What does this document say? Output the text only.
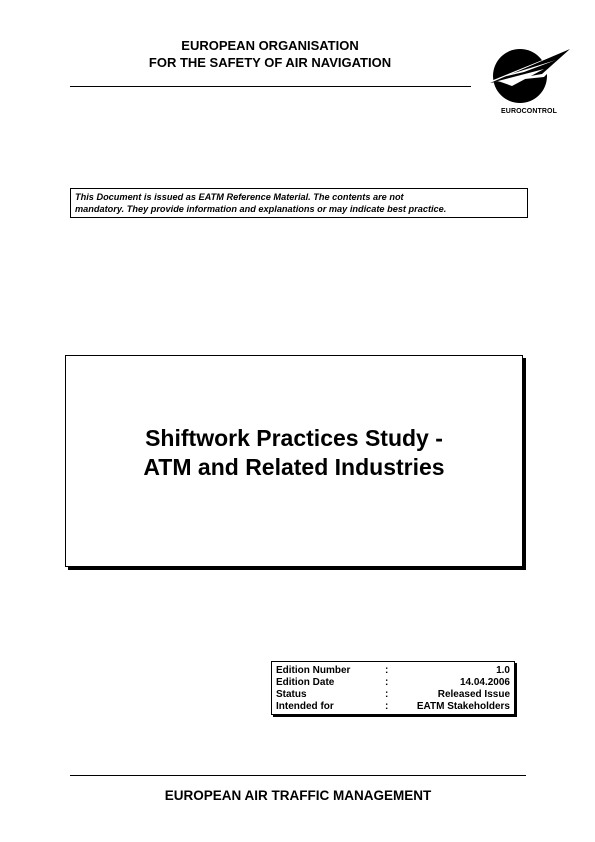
EUROPEAN ORGANISATION
FOR THE SAFETY OF AIR NAVIGATION
EUROCONTROL
This Document is issued as EATM Reference Material. The contents are not
mandatory. They provide information and explanations or may indicate best practice.
Shiftwork Practices Study -
ATM and Related Industries
Edition Number	:	1.0
Edition Date	:	14.04.2006
Status	:	Released Issue
Intended for	:	EATM Stakeholders
EUROPEAN AIR TRAFFIC MANAGEMENT
